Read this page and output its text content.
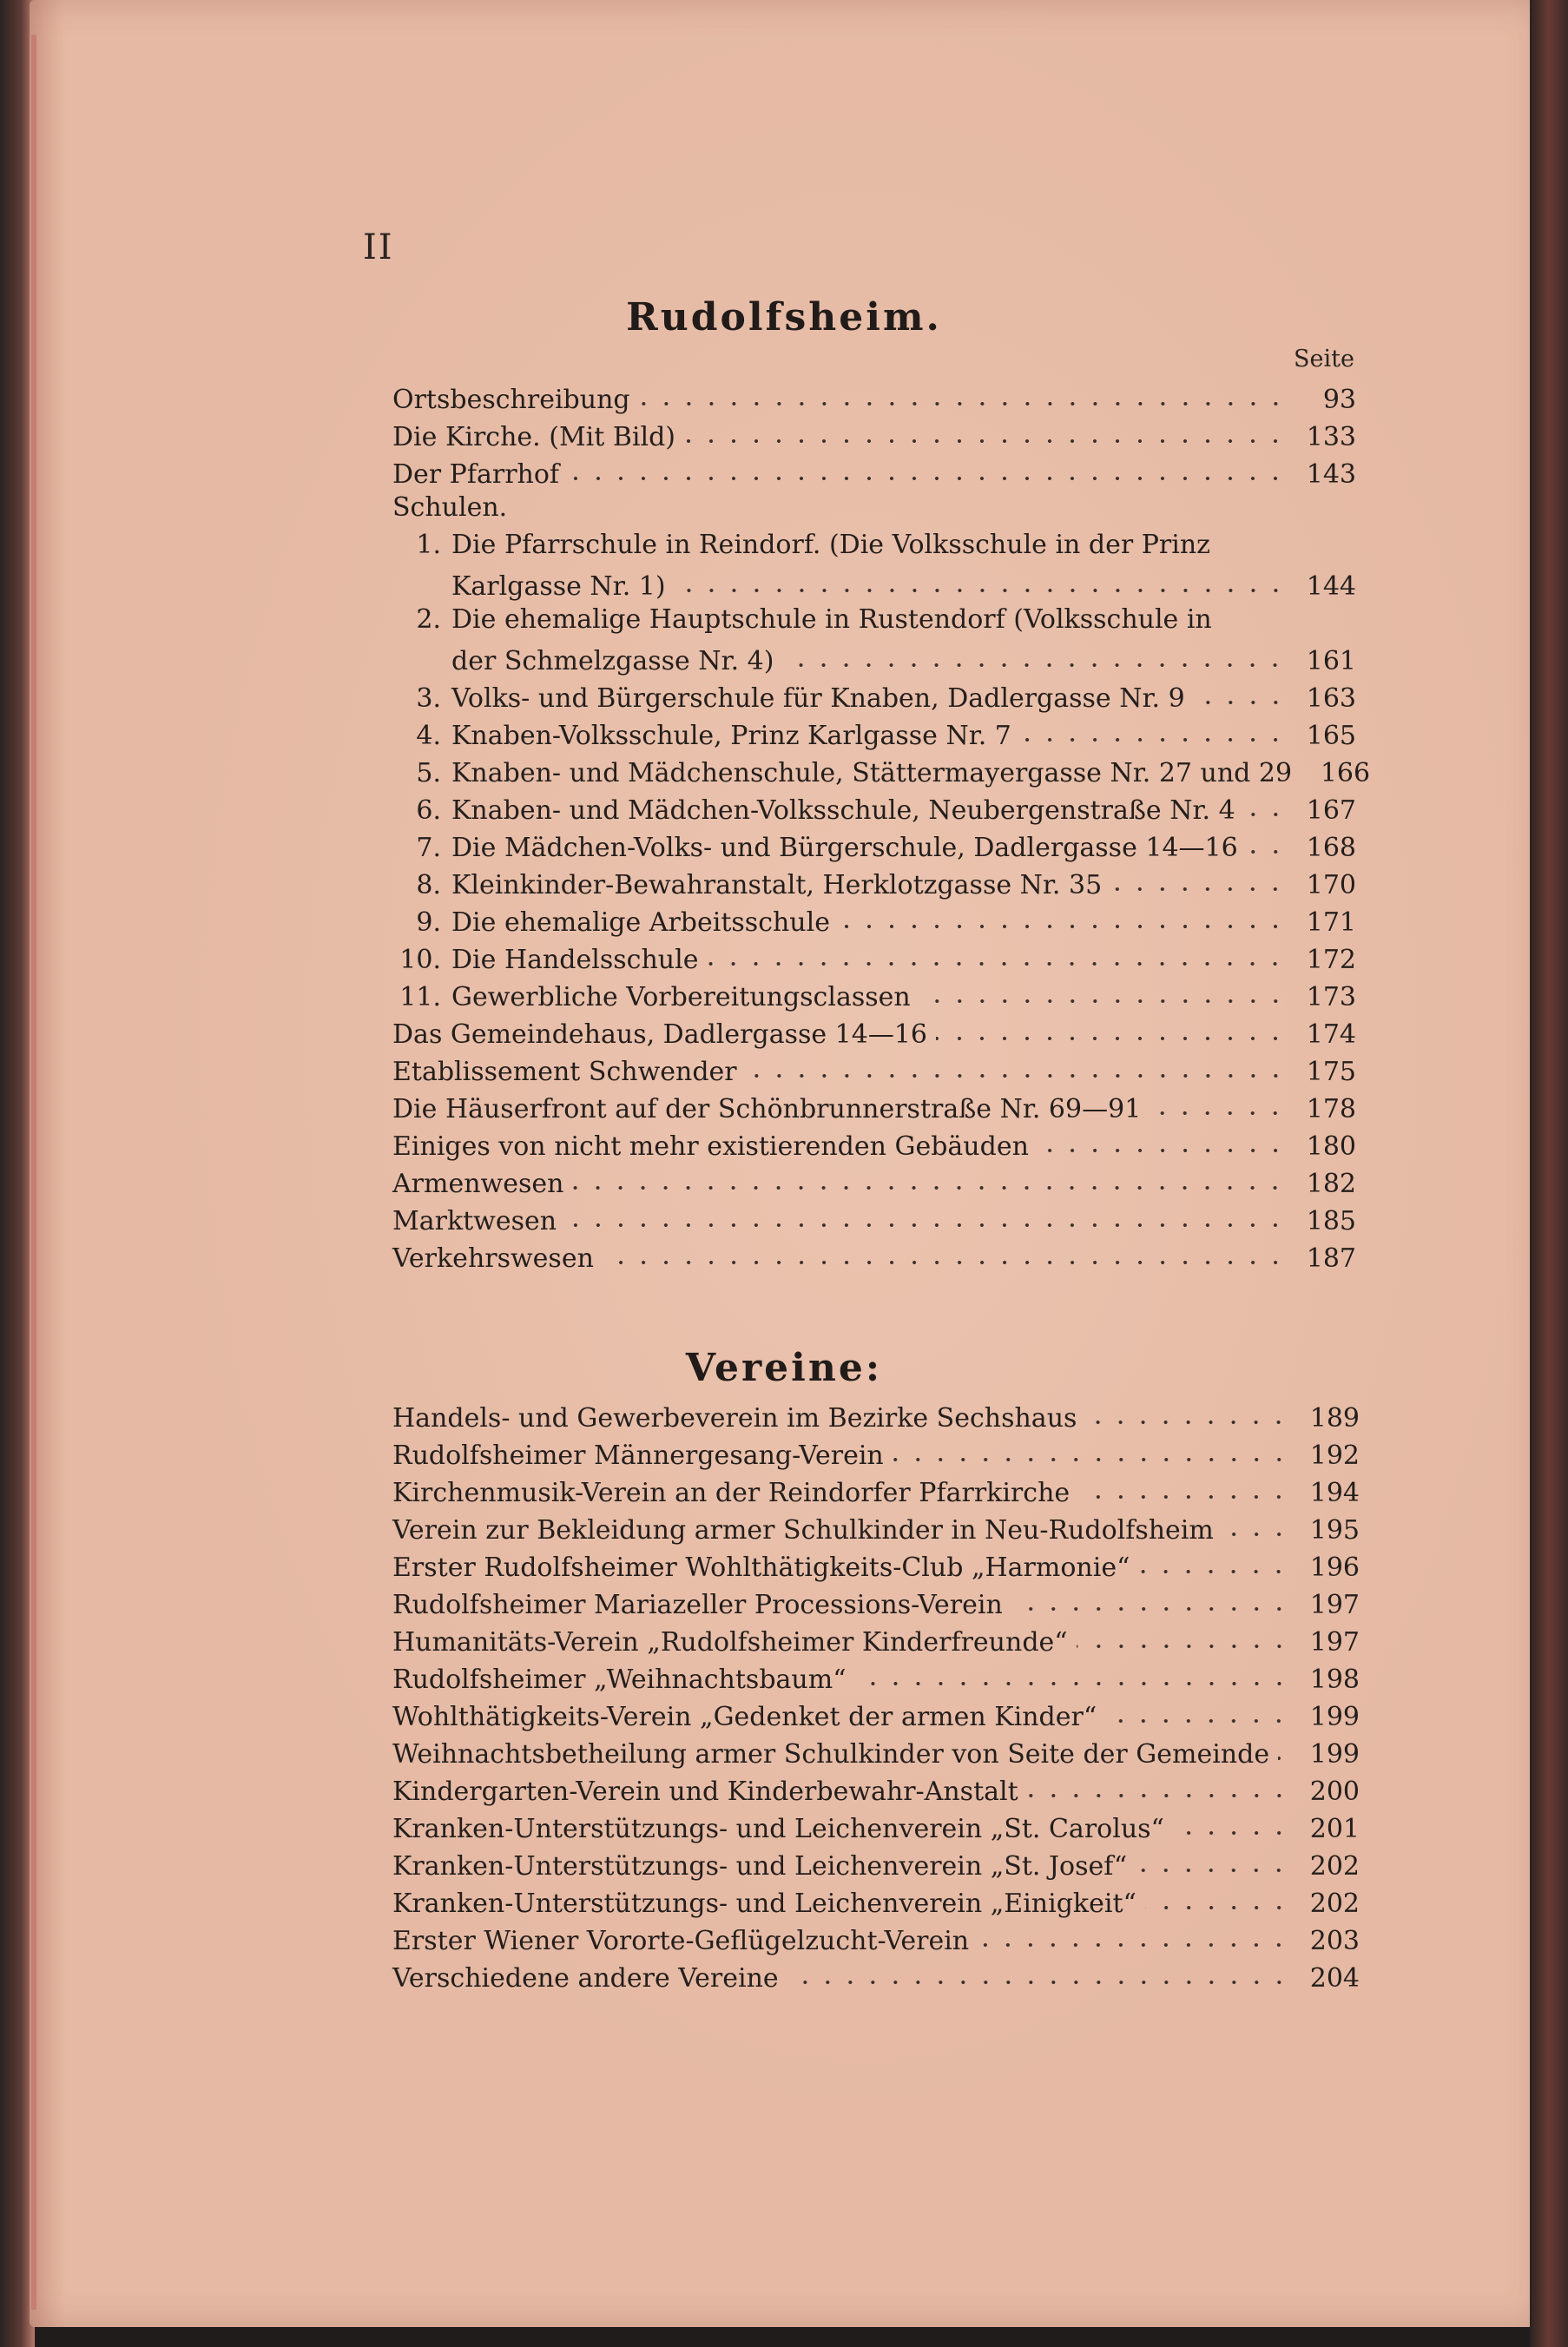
II
Rudolfsheim.
Seite
Ortsbeschreibung	93
Die Kirche. (Mit Bild)	133
Der Pfarrhof	143
Schulen.
1. Die Pfarrschule in Reindorf. (Die Volksschule in der Prinz
Karlgasse Nr. 1)	144
2. Die ehemalige Hauptschule in Rustendorf (Volksschule in
der Schmelzgasse Nr. 4)	161
3. Volks- und Bürgerschule für Knaben, Dadlergasse Nr. 9	163
4. Knaben-Volksschule, Prinz Karlgasse Nr. 7	165
5. Knaben- und Mädchenschule, Stättermayergasse Nr. 27 und 29	166
6. Knaben- und Mädchen-Volksschule, Neubergenstraße Nr. 4	167
7. Die Mädchen-Volks- und Bürgerschule, Dadlergasse 14—16	168
8. Kleinkinder-Bewahranstalt, Herklotzgasse Nr. 35	170
9. Die ehemalige Arbeitsschule	171
10. Die Handelsschule	172
11. Gewerbliche Vorbereitungsclassen	173
Das Gemeindehaus, Dadlergasse 14—16	174
Etablissement Schwender	175
Die Häuserfront auf der Schönbrunnerstraße Nr. 69—91	178
Einiges von nicht mehr existierenden Gebäuden	180
Armenwesen	182
Marktwesen	185
Verkehrswesen	187
Vereine:
Handels- und Gewerbeverein im Bezirke Sechshaus	189
Rudolfsheimer Männergesang-Verein	192
Kirchenmusik-Verein an der Reindorfer Pfarrkirche	194
Verein zur Bekleidung armer Schulkinder in Neu-Rudolfsheim	195
Erster Rudolfsheimer Wohlthätigkeits-Club „Harmonie“	196
Rudolfsheimer Mariazeller Processions-Verein	197
Humanitäts-Verein „Rudolfsheimer Kinderfreunde“	197
Rudolfsheimer „Weihnachtsbaum“	198
Wohlthätigkeits-Verein „Gedenket der armen Kinder“	199
Weihnachtsbetheilung armer Schulkinder von Seite der Gemeinde	199
Kindergarten-Verein und Kinderbewahr-Anstalt	200
Kranken-Unterstützungs- und Leichenverein „St. Carolus“	201
Kranken-Unterstützungs- und Leichenverein „St. Josef“	202
Kranken-Unterstützungs- und Leichenverein „Einigkeit“	202
Erster Wiener Vororte-Geflügelzucht-Verein	203
Verschiedene andere Vereine	204
